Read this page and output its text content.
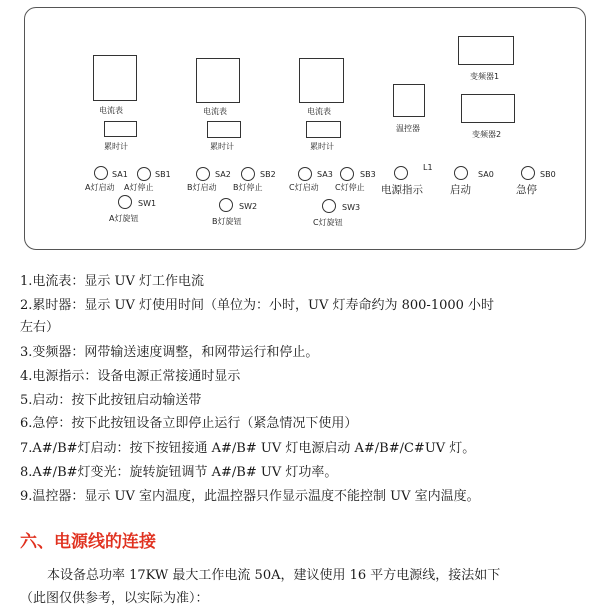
电流表	电流表	电流表
累时计	累时计	累时计
温控器
变频器1
变频器2
SA1	SB1
A灯启动 A灯停止
SW1
A灯旋钮
SA2	SB2
B灯启动 B灯停止
SW2
B灯旋钮
SA3	SB3
C灯启动 C灯停止
SW3
C灯旋钮
L1
电源指示
SA0
启动
SB0
急停
1.电流表：显示 UV 灯工作电流
2.累时器：显示 UV 灯使用时间（单位为：小时，UV 灯寿命约为 800-1000 小时
左右）
3.变频器：网带输送速度调整，和网带运行和停止。
4.电源指示：设备电源正常接通时显示
5.启动：按下此按钮启动输送带
6.急停：按下此按钮设备立即停止运行（紧急情况下使用）
7.A#/B#灯启动：按下按钮接通 A#/B# UV 灯电源启动 A#/B#/C#UV 灯。
8.A#/B#灯变光：旋转旋钮调节 A#/B# UV 灯功率。
9.温控器：显示 UV 室内温度，此温控器只作显示温度不能控制 UV 室内温度。
六、电源线的连接
本设备总功率 17KW 最大工作电流 50A，建议使用 16 平方电源线，接法如下
（此图仅供参考，以实际为准）：
